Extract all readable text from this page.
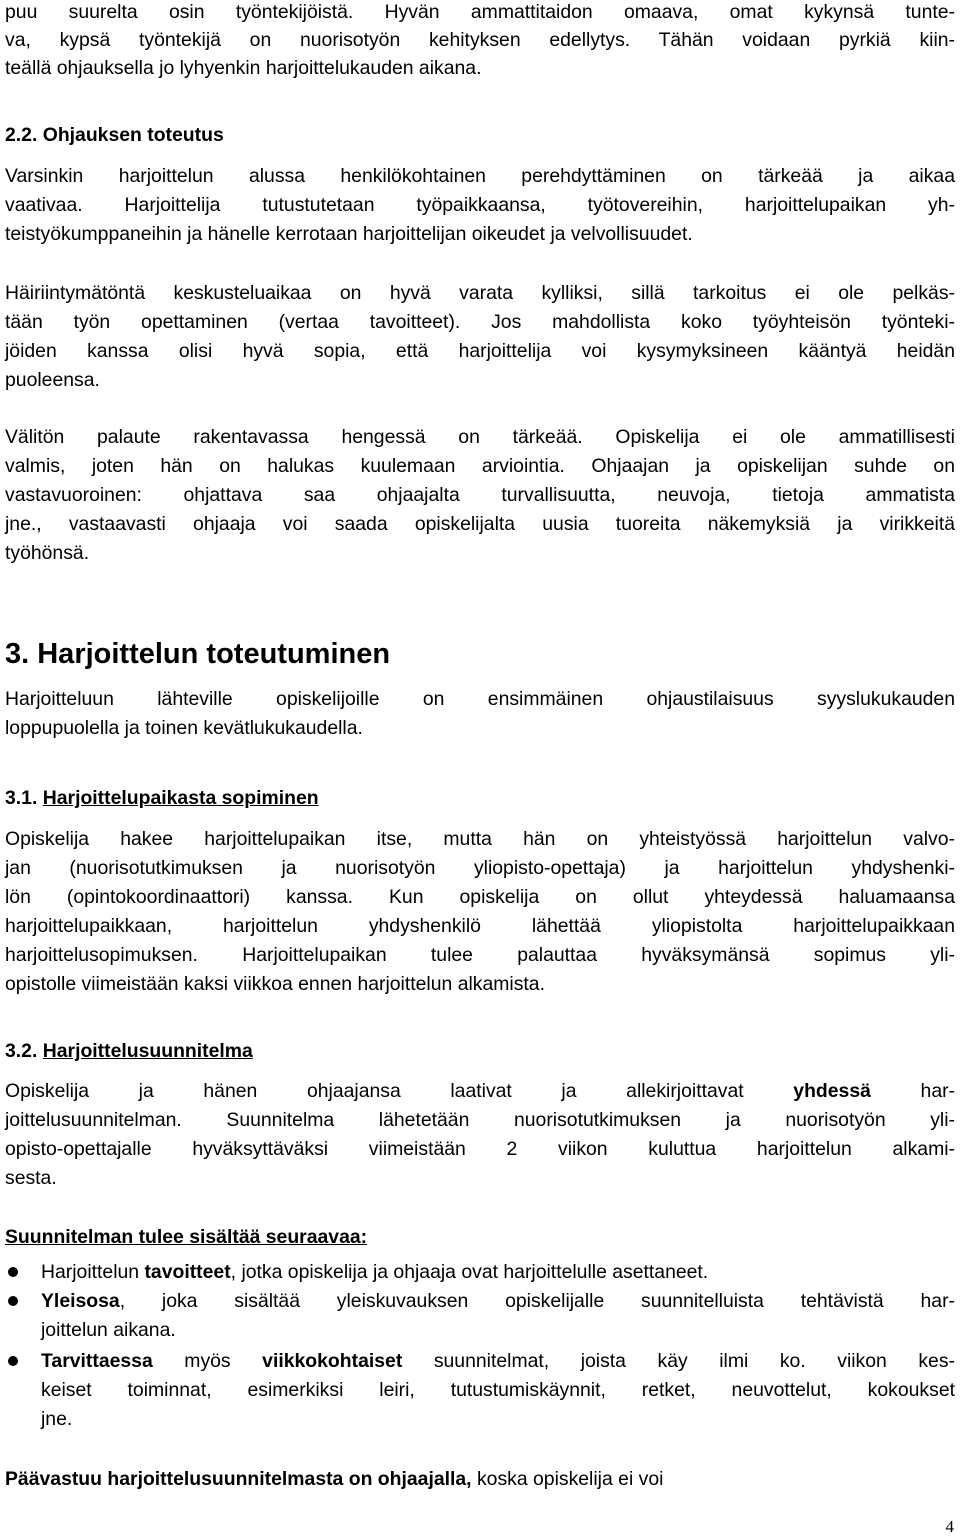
puu suurelta osin työntekijöistä. Hyvän ammattitaidon omaava, omat kykynsä tunte-
va, kypsä työntekijä on nuorisotyön kehityksen edellytys. Tähän voidaan pyrkiä kiin-
teällä ohjauksella jo lyhyenkin harjoittelukauden aikana.
2.2. Ohjauksen toteutus
Varsinkin harjoittelun alussa henkilökohtainen perehdyttäminen on tärkeää ja aikaa
vaativaa. Harjoittelija tutustutetaan työpaikkaansa, työtovereihin, harjoittelupaikan yh-
teistyökumppaneihin ja hänelle kerrotaan harjoittelijan oikeudet ja velvollisuudet.
Häiriintymätöntä keskusteluaikaa on hyvä varata kylliksi, sillä tarkoitus ei ole pelkäs-
tään työn opettaminen (vertaa tavoitteet). Jos mahdollista koko työyhteisön työnteki-
jöiden kanssa olisi hyvä sopia, että harjoittelija voi kysymyksineen kääntyä heidän
puoleensa.
Välitön palaute rakentavassa hengessä on tärkeää. Opiskelija ei ole ammatillisesti
valmis, joten hän on halukas kuulemaan arviointia. Ohjaajan ja opiskelijan suhde on
vastavuoroinen: ohjattava saa ohjaajalta turvallisuutta, neuvoja, tietoja ammatista
jne., vastaavasti ohjaaja voi saada opiskelijalta uusia tuoreita näkemyksiä ja virikkeitä
työhönsä.
3. Harjoittelun toteutuminen
Harjoitteluun lähteville opiskelijoille on ensimmäinen ohjaustilaisuus syyslukukauden
loppupuolella ja toinen kevätlukukaudella.
3.1. Harjoittelupaikasta sopiminen
Opiskelija hakee harjoittelupaikan itse, mutta hän on yhteistyössä harjoittelun valvo-
jan (nuorisotutkimuksen ja nuorisotyön yliopisto-opettaja) ja harjoittelun yhdyshenki-
lön (opintokoordinaattori) kanssa. Kun opiskelija on ollut yhteydessä haluamaansa
harjoittelupaikkaan, harjoittelun yhdyshenkilö lähettää yliopistolta harjoittelupaikkaan
harjoittelusopimuksen. Harjoittelupaikan tulee palauttaa hyväksymänsä sopimus yli-
opistolle viimeistään kaksi viikkoa ennen harjoittelun alkamista.
3.2. Harjoittelusuunnitelma
Opiskelija ja hänen ohjaajansa laativat ja allekirjoittavat	yhdessä	har-
joittelusuunnitelman. Suunnitelma lähetetään nuorisotutkimuksen ja nuorisotyön yli-
opisto-opettajalle hyväksyttäväksi viimeistään 2 viikon kuluttua harjoittelun alkami-
sesta.
Suunnitelman tulee sisältää seuraavaa:
Harjoittelun tavoitteet, jotka opiskelija ja ohjaaja ovat harjoittelulle asettaneet.
Yleisosa, joka sisältää yleiskuvauksen opiskelijalle suunnitelluista tehtävistä har-
joittelun aikana.
Tarvittaessa myös viikkokohtaiset suunnitelmat, joista käy ilmi ko. viikon kes-
keiset toiminnat, esimerkiksi leiri, tutustumiskäynnit, retket, neuvottelut, kokoukset
jne.
Päävastuu harjoittelusuunnitelmasta on ohjaajalla, koska opiskelija ei voi
4
